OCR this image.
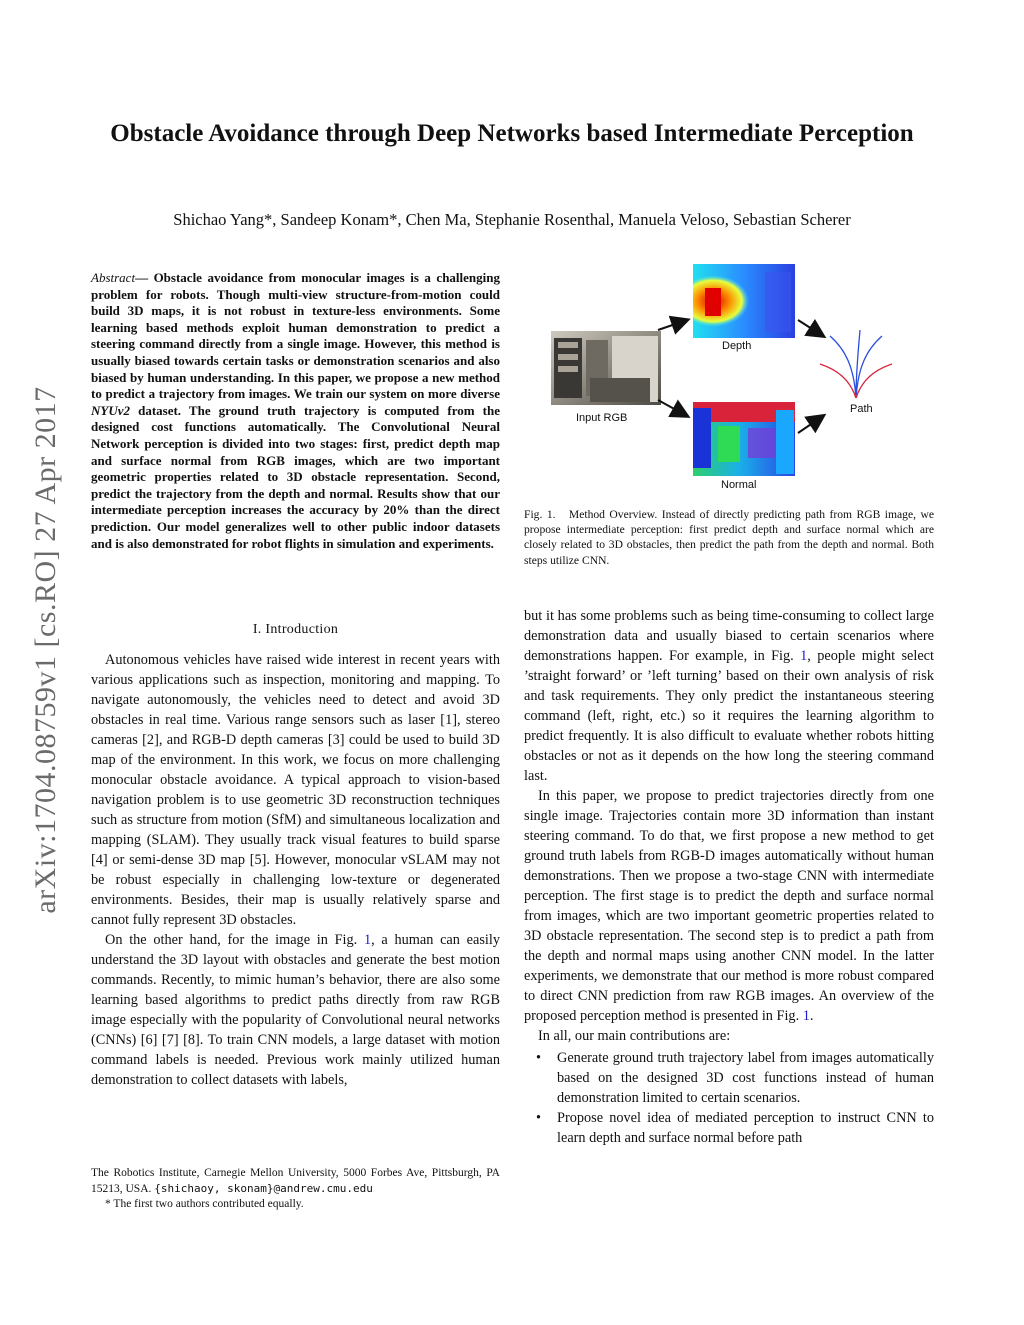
arXiv:1704.08759v1 [cs.RO] 27 Apr 2017
Obstacle Avoidance through Deep Networks based Intermediate Perception
Shichao Yang*, Sandeep Konam*, Chen Ma, Stephanie Rosenthal, Manuela Veloso, Sebastian Scherer
Abstract— Obstacle avoidance from monocular images is a challenging problem for robots. Though multi-view structure-from-motion could build 3D maps, it is not robust in texture-less environments. Some learning based methods exploit human demonstration to predict a steering command directly from a single image. However, this method is usually biased towards certain tasks or demonstration scenarios and also biased by human understanding. In this paper, we propose a new method to predict a trajectory from images. We train our system on more diverse NYUv2 dataset. The ground truth trajectory is computed from the designed cost functions automatically. The Convolutional Neural Network perception is divided into two stages: first, predict depth map and surface normal from RGB images, which are two important geometric properties related to 3D obstacle representation. Second, predict the trajectory from the depth and normal. Results show that our intermediate perception increases the accuracy by 20% than the direct prediction. Our model generalizes well to other public indoor datasets and is also demonstrated for robot flights in simulation and experiments.
I. Introduction

Autonomous vehicles have raised wide interest in recent years with various applications such as inspection, monitoring and mapping. To navigate autonomously, the vehicles need to detect and avoid 3D obstacles in real time. Various range sensors such as laser [1], stereo cameras [2], and RGB-D depth cameras [3] could be used to build 3D map of the environment. In this work, we focus on more challenging monocular obstacle avoidance. A typical approach to vision-based navigation problem is to use geometric 3D reconstruction techniques such as structure from motion (SfM) and simultaneous localization and mapping (SLAM). They usually track visual features to build sparse [4] or semi-dense 3D map [5]. However, monocular vSLAM may not be robust especially in challenging low-texture or degenerated environments. Besides, their map is usually relatively sparse and cannot fully represent 3D obstacles.

On the other hand, for the image in Fig. 1, a human can easily understand the 3D layout with obstacles and generate the best motion commands. Recently, to mimic human’s behavior, there are also some learning based algorithms to predict paths directly from raw RGB image especially with the popularity of Convolutional neural networks (CNNs) [6] [7] [8]. To train CNN models, a large dataset with motion command labels is needed. Previous work mainly utilized human demonstration to collect datasets with labels,

The Robotics Institute, Carnegie Mellon University, 5000 Forbes Ave, Pittsburgh, PA 15213, USA. {shichaoy, skonam}@andrew.cmu.edu
* The first two authors contributed equally.
Input RGB
Depth
Normal
Path
Fig. 1. Method Overview. Instead of directly predicting path from RGB image, we propose intermediate perception: first predict depth and surface normal which are closely related to 3D obstacles, then predict the path from the depth and normal. Both steps utilize CNN.

but it has some problems such as being time-consuming to collect large demonstration data and usually biased to certain scenarios where demonstrations happen. For example, in Fig. 1, people might select ’straight forward’ or ’left turning’ based on their own analysis of risk and task requirements. They only predict the instantaneous steering command (left, right, etc.) so it requires the learning algorithm to predict frequently. It is also difficult to evaluate whether robots hitting obstacles or not as it depends on the how long the steering command last.

In this paper, we propose to predict trajectories directly from one single image. Trajectories contain more 3D information than instant steering command. To do that, we first propose a new method to get ground truth labels from RGB-D images automatically without human demonstrations. Then we propose a two-stage CNN with intermediate perception. The first stage is to predict the depth and surface normal from images, which are two important geometric properties related to 3D obstacle representation. The second step is to predict a path from the depth and normal maps using another CNN model. In the latter experiments, we demonstrate that our method is more robust compared to direct CNN prediction from raw RGB images. An overview of the proposed perception method is presented in Fig. 1.

In all, our main contributions are:

• Generate ground truth trajectory label from images automatically based on the designed 3D cost functions instead of human demonstration limited to certain scenarios.
• Propose novel idea of mediated perception to instruct CNN to learn depth and surface normal before path
